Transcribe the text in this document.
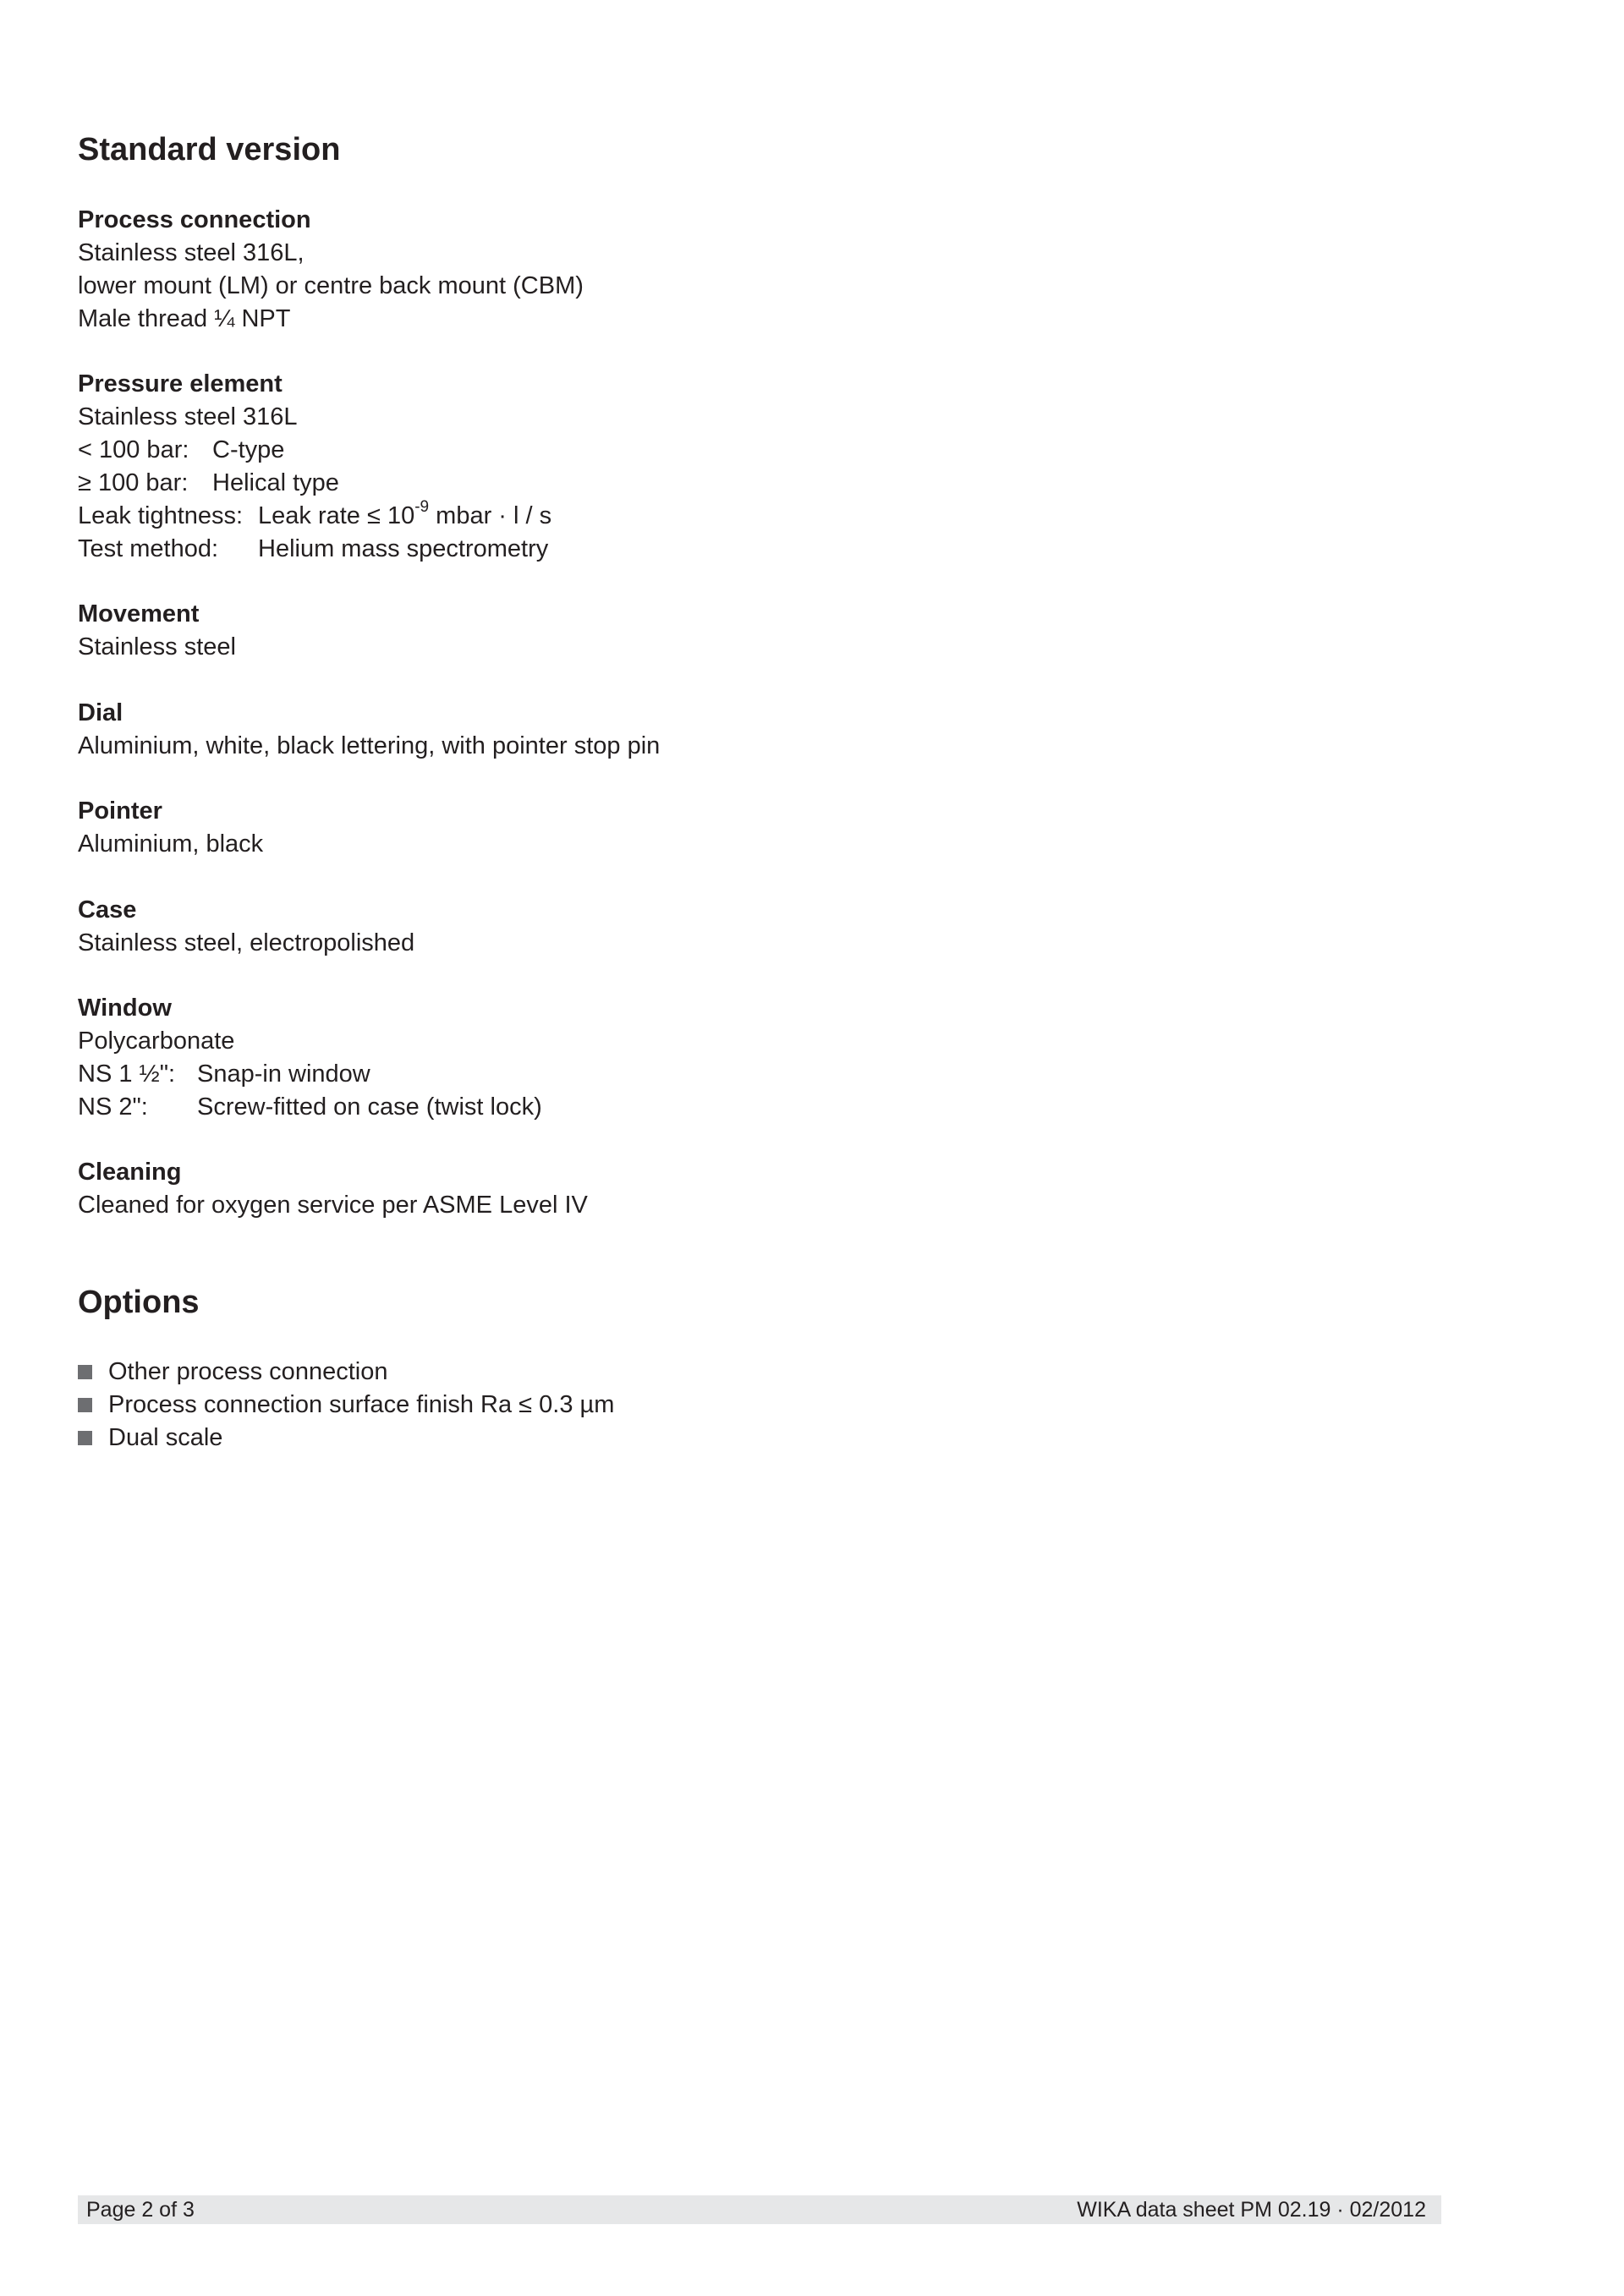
Standard version
Process connection
Stainless steel 316L,
lower mount (LM) or centre back mount (CBM)
Male thread ¼ NPT
Pressure element
Stainless steel 316L
< 100 bar: C-type
≥ 100 bar: Helical type
Leak tightness: Leak rate ≤ $10^{-9}$ mbar · l / s
Test method:	Helium mass spectrometry
Movement
Stainless steel
Dial
Aluminium, white, black lettering, with pointer stop pin
Pointer
Aluminium, black
Case
Stainless steel, electropolished
Window
Polycarbonate
NS 1 ½": Snap-in window
NS 2":	Screw-fitted on case (twist lock)
Cleaning
Cleaned for oxygen service per ASME Level IV
Options
Other process connection
Process connection surface finish Ra ≤ 0.3 µm
Dual scale
Page 2 of 3	WIKA data sheet PM 02.19 · 02/2012
